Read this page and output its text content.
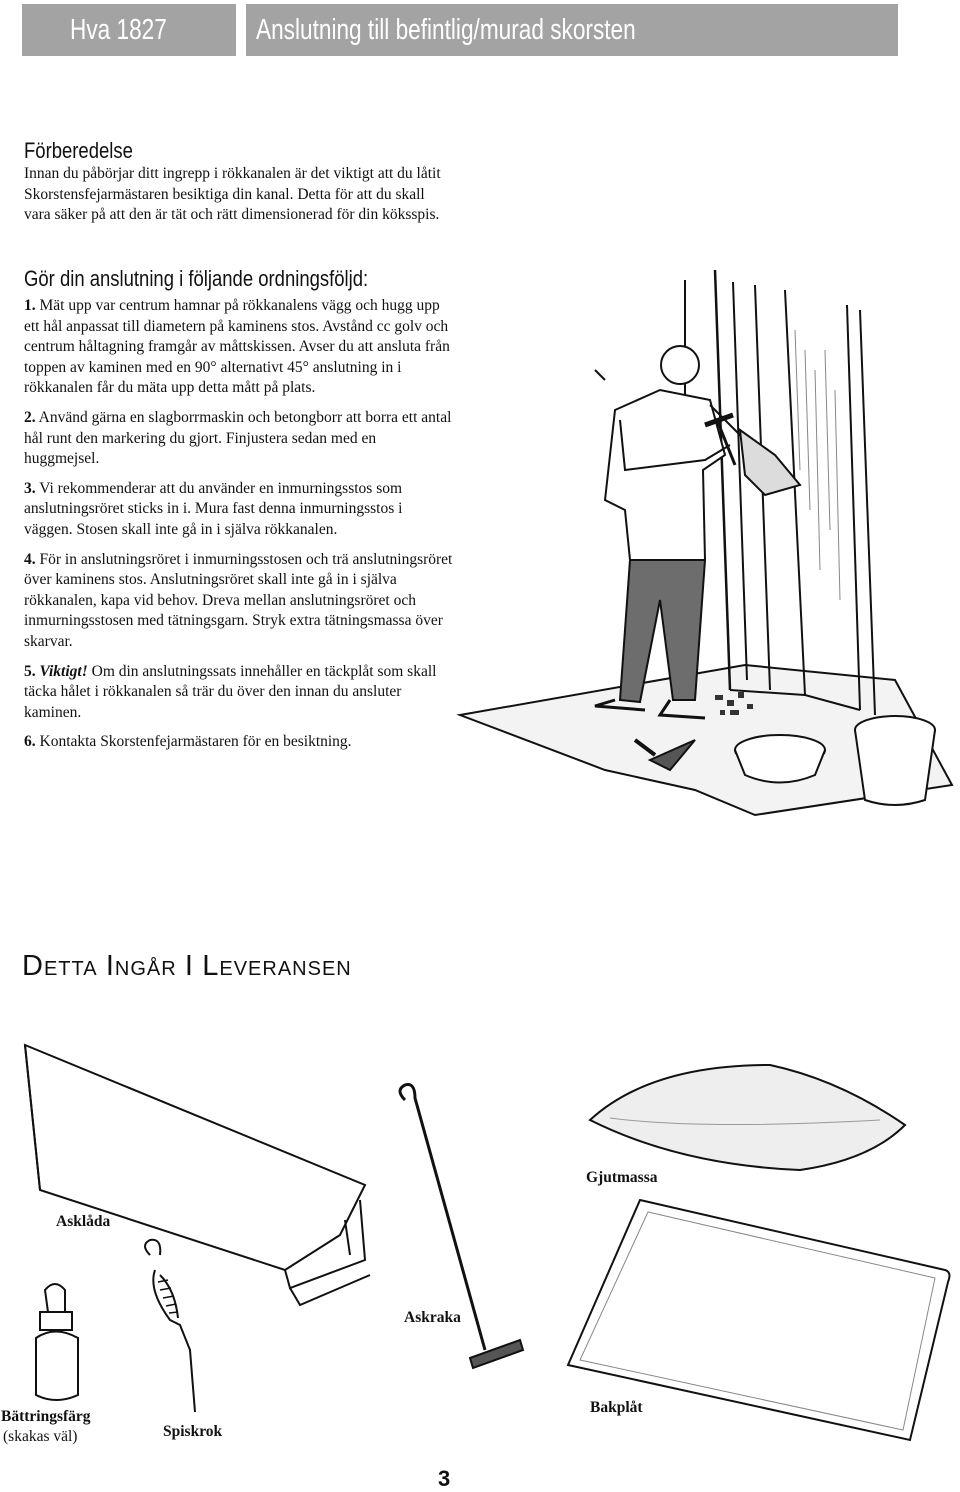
Hva 1827	Anslutning till befintlig/murad skorsten
Förberedelse

Innan du påbörjar ditt ingrepp i rökkanalen är det viktigt att du låtit Skorstensfejarmästaren besiktiga din kanal. Detta för att du skall vara säker på att den är tät och rätt dimensionerad för din köksspis.

Gör din anslutning i följande ordningsföljd:

1. Mät upp var centrum hamnar på rökkanalens vägg och hugg upp ett hål anpassat till diametern på kaminens stos. Avstånd cc golv och centrum håltagning framgår av måttskissen. Avser du att ansluta från toppen av kaminen med en 90° alternativt 45° anslutning in i rökkanalen får du mäta upp detta mått på plats.

2. Använd gärna en slagborrmaskin och betongborr att borra ett antal hål runt den markering du gjort. Finjustera sedan med en huggmejsel.

3. Vi rekommenderar att du använder en inmurningsstos som anslutningsröret sticks in i. Mura fast denna inmurningsstos i väggen. Stosen skall inte gå in i själva rökkanalen.

4. För in anslutningsröret i inmurningsstosen och trä anslutningsröret över kaminens stos. Anslutningsröret skall inte gå in i själva rökkanalen, kapa vid behov. Dreva mellan anslutningsröret och inmurningsstosen med tätningsgarn. Stryk extra tätningsmassa över skarvar.

5. Viktigt! Om din anslutningssats innehåller en täckplåt som skall täcka hålet i rökkanalen så trär du över den innan du ansluter kaminen.

6. Kontakta Skorstenfejarmästaren för en besiktning.

DETTA INGÅR I LEVERANSEN
Asklåda
Gjutmassa
Askraka
Bättringsfärg
(skakas väl)	Spiskrok
Bakplåt
3
